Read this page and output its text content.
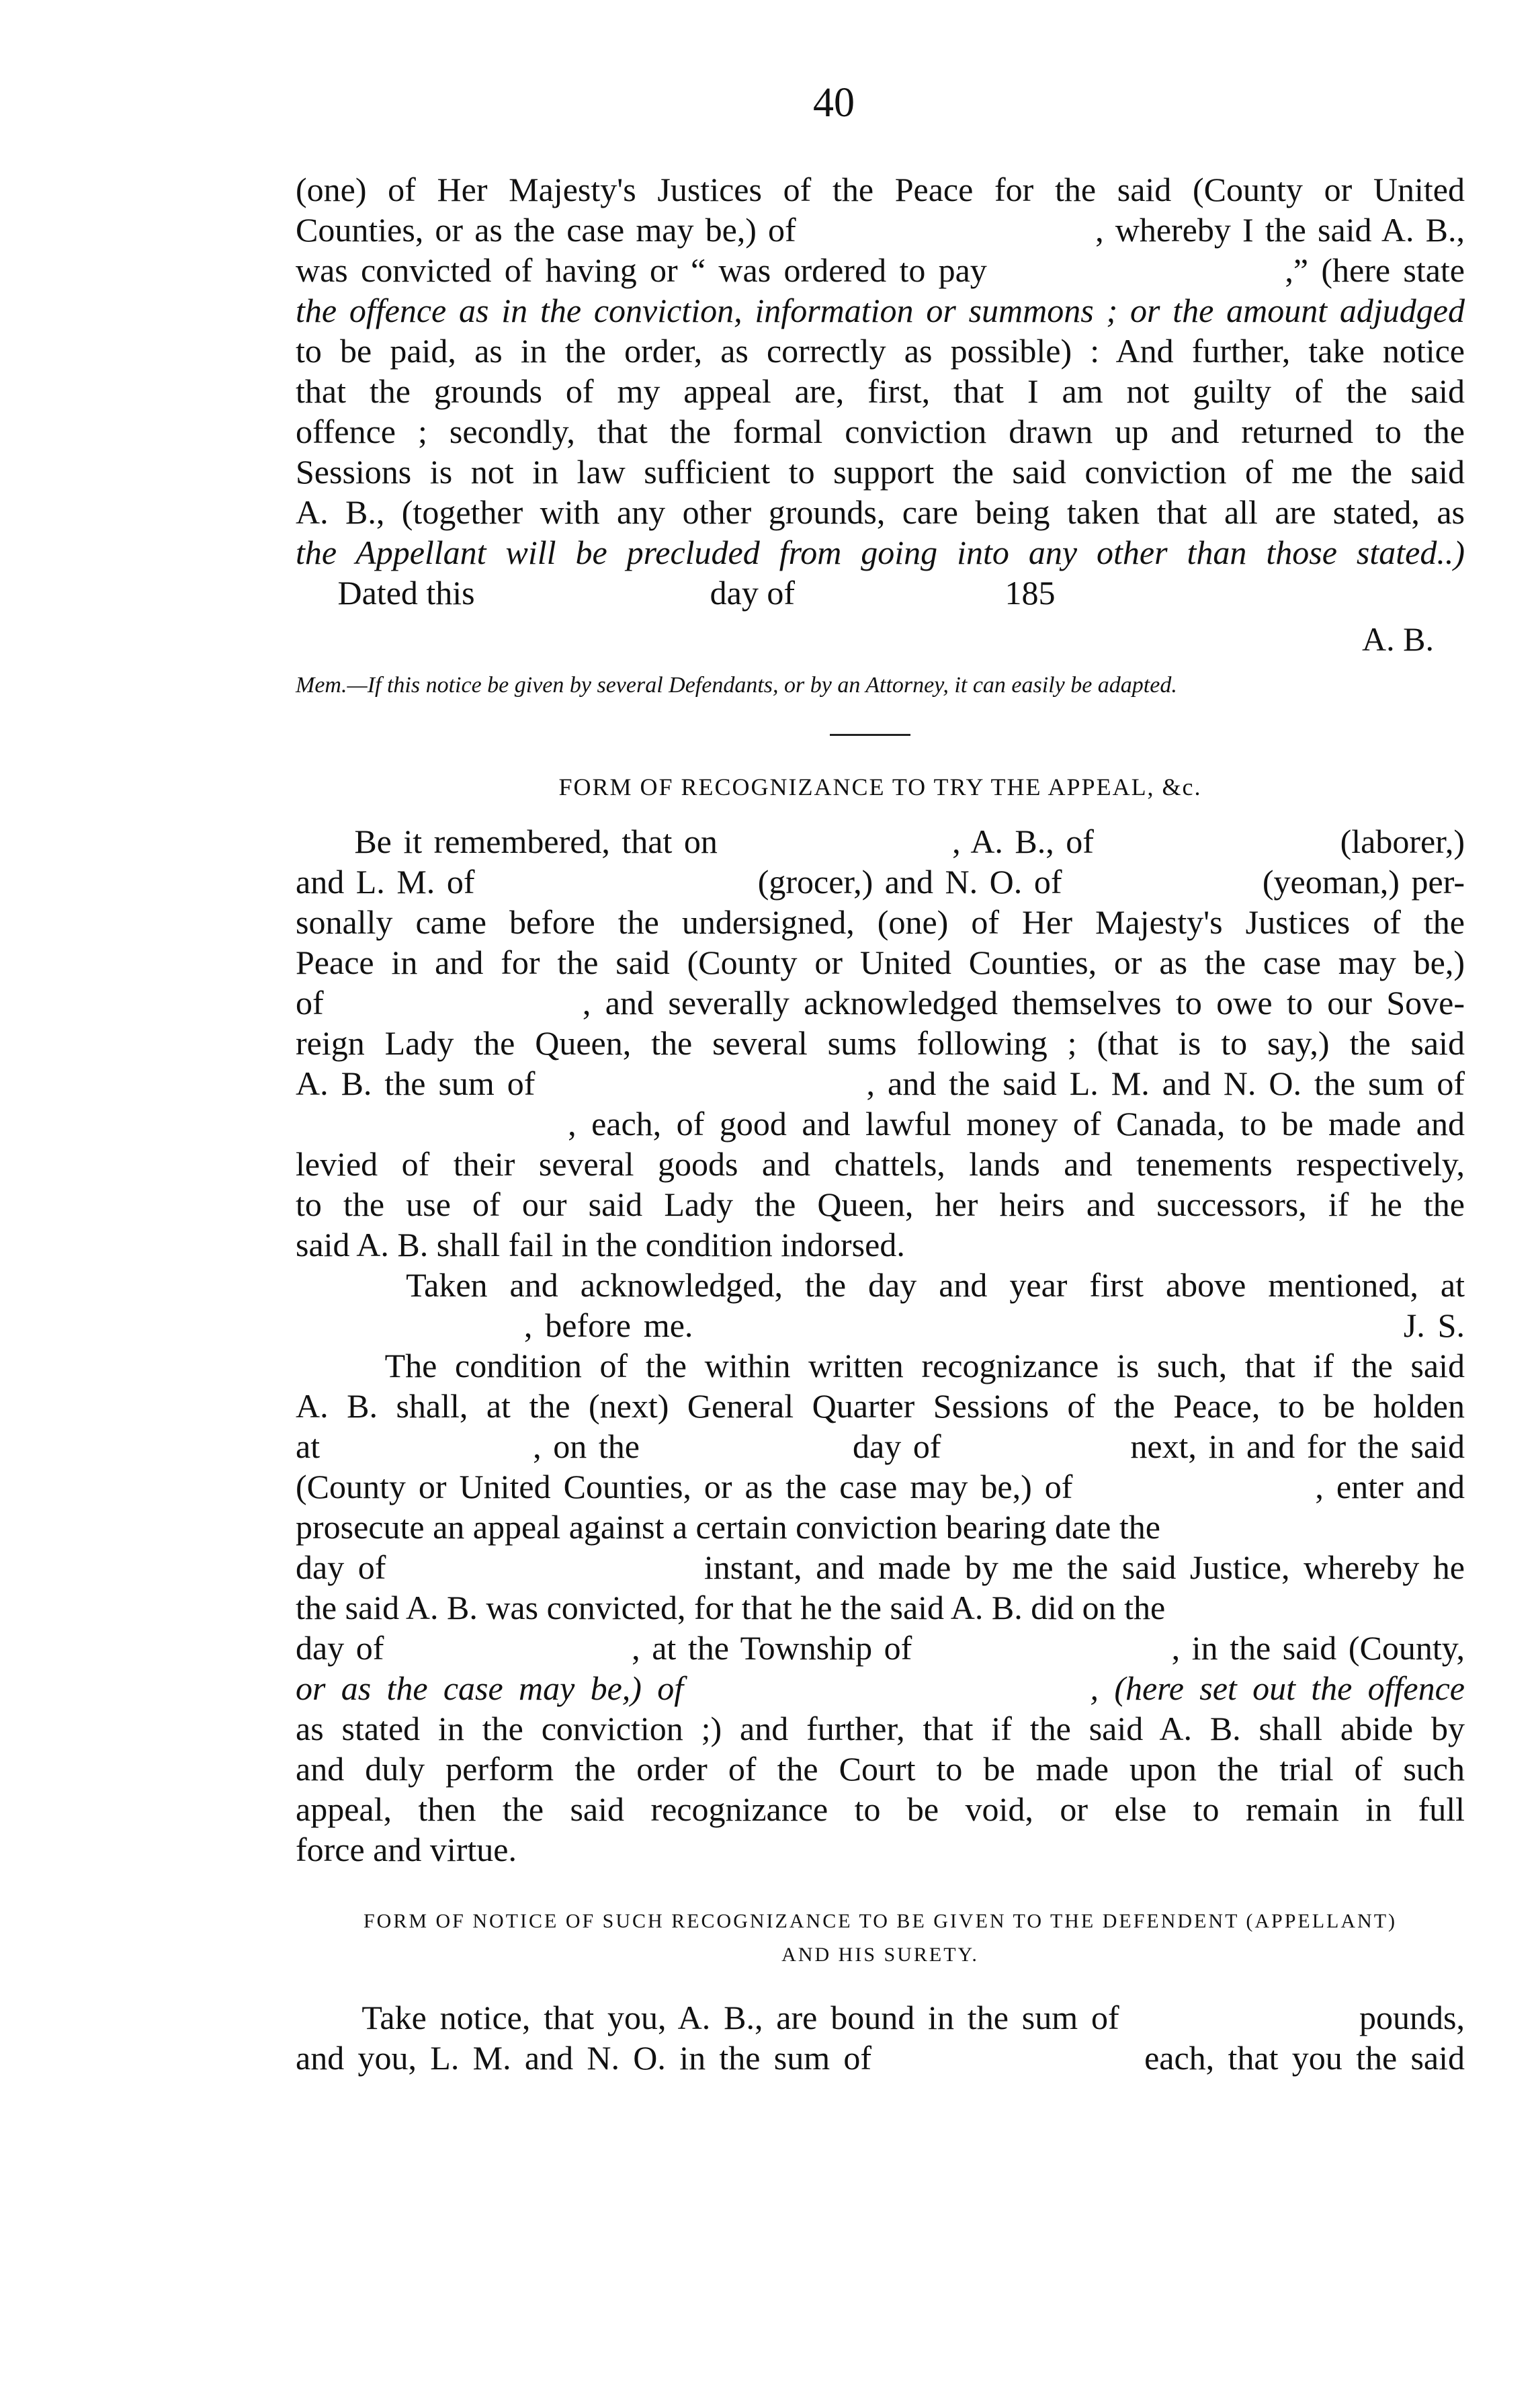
40
(one) of Her Majesty's Justices of the Peace for the said (County or United
Counties, or as the case may be,) of                          , whereby I the said A. B.,
was convicted of having or “ was ordered to pay                       ,” (here state
the offence as in the conviction, information or summons ; or the amount adjudged
to be paid, as in the order, as correctly as possible) : And further, take notice
that the grounds of my appeal are, first, that I am not guilty of the said
offence ; secondly, that the formal conviction drawn up and returned to the
Sessions is not in law sufficient to support the said conviction of me the said
A. B., (together with any other grounds, care being taken that all are stated, as
the Appellant will be precluded from going into any other than those stated..)
Dated this                            day of                         185
A. B.
Mem.—If this notice be given by several Defendants, or by an Attorney, it can easily be adapted.
FORM OF RECOGNIZANCE TO TRY THE APPEAL, &c.
Be it remembered, that on                    , A. B., of                     (laborer,)
and L. M. of                        (grocer,) and N. O. of                 (yeoman,) per-
sonally came before the undersigned, (one) of Her Majesty's Justices of the
Peace in and for the said (County or United Counties, or as the case may be,)
of                  , and severally acknowledged themselves to owe to our Sove-
reign Lady the Queen, the several sums following ; (that is to say,) the said
A. B. the sum of                          , and the said L. M. and N. O. the sum of
, each, of good and lawful money of Canada, to be made and
levied of their several goods and chattels, lands and tenements respectively,
to the use of our said Lady the Queen, her heirs and successors, if he the
said A. B. shall fail in the condition indorsed.
Taken and acknowledged, the day and year first above mentioned, at
, before me.                                                        J. S.
The condition of the within written recognizance is such, that if the said
A. B. shall, at the (next) General Quarter Sessions of the Peace, to be holden
at                  , on the                  day of                next, in and for the said
(County or United Counties, or as the case may be,) of                   , enter and
prosecute an appeal against a certain conviction bearing date the
day of                       instant, and made by me the said Justice, whereby he
the said A. B. was convicted, for that he the said A. B. did on the
day of                     , at the Township of                      , in the said (County,
or as the case may be,) of                          , (here set out the offence
as stated in the conviction ;) and further, that if the said A. B. shall abide by
and duly perform the order of the Court to be made upon the trial of such
appeal, then the said recognizance to be void, or else to remain in full
force and virtue.
FORM OF NOTICE OF SUCH RECOGNIZANCE TO BE GIVEN TO THE DEFENDENT (APPELLANT)
AND HIS SURETY.
Take notice, that you, A. B., are bound in the sum of                  pounds,
and you, L. M. and N. O. in the sum of                    each, that you the said
